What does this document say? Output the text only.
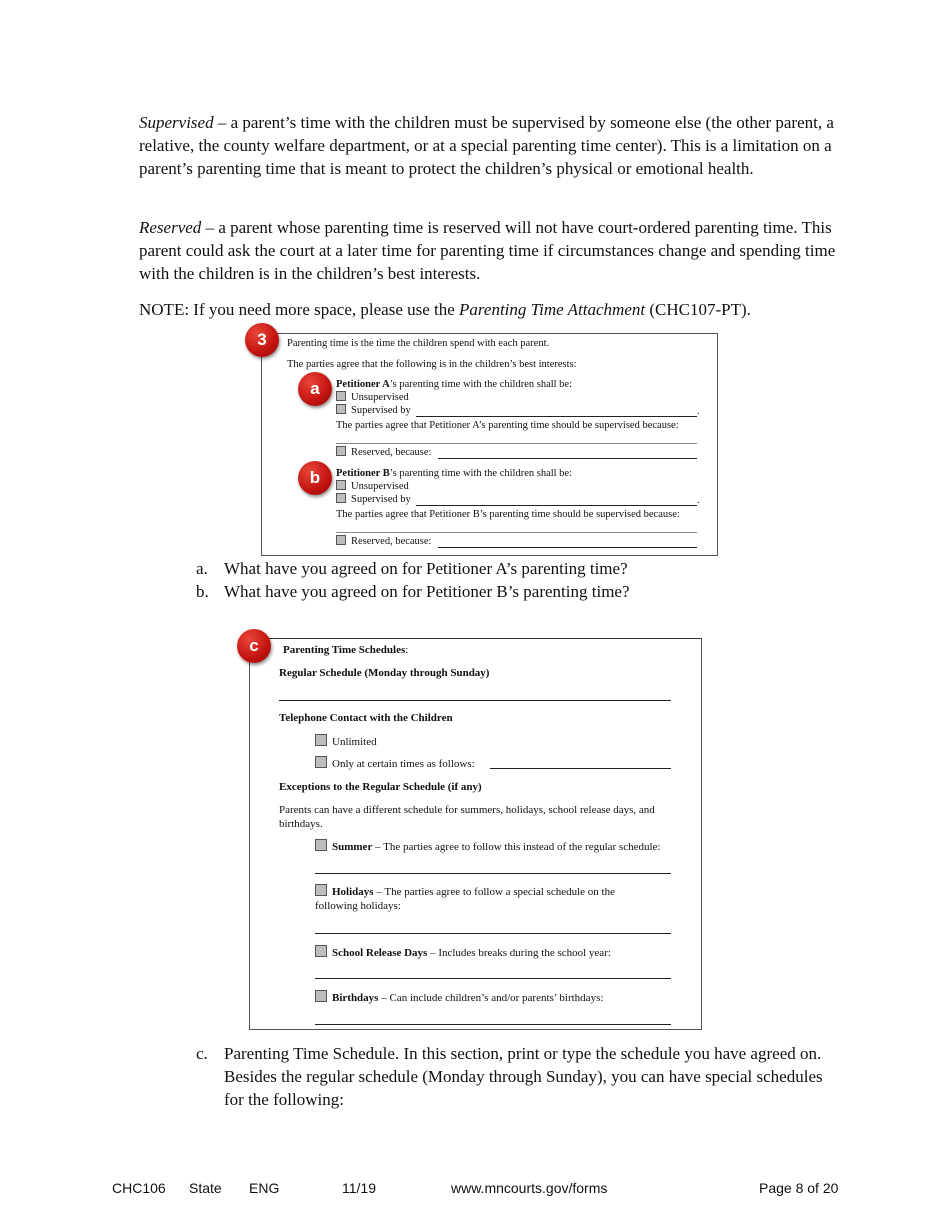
Supervised – a parent’s time with the children must be supervised by someone else (the other parent, a relative, the county welfare department, or at a special parenting time center). This is a limitation on a parent’s parenting time that is meant to protect the children’s physical or emotional health.
Reserved – a parent whose parenting time is reserved will not have court-ordered parenting time. This parent could ask the court at a later time for parenting time if circumstances change and spending time with the children is in the children’s best interests.
NOTE: If you need more space, please use the Parenting Time Attachment (CHC107-PT).
3	Parenting time is the time the children spend with each parent.
The parties agree that the following is in the children’s best interests:
a	Petitioner A’s parenting time with the children shall be:
Unsupervised
Supervised by	.
The parties agree that Petitioner A’s parenting time should be supervised because:
Reserved, because:
b	Petitioner B’s parenting time with the children shall be:
Unsupervised
Supervised by	.
The parties agree that Petitioner B’s parenting time should be supervised because:
Reserved, because:
a. What have you agreed on for Petitioner A’s parenting time?
b. What have you agreed on for Petitioner B’s parenting time?
c	Parenting Time Schedules:
Regular Schedule (Monday through Sunday)
Telephone Contact with the Children
Unlimited
Only at certain times as follows:
Exceptions to the Regular Schedule (if any)
Parents can have a different schedule for summers, holidays, school release days, and birthdays.
Summer – The parties agree to follow this instead of the regular schedule:
Holidays – The parties agree to follow a special schedule on the following holidays:
School Release Days – Includes breaks during the school year:
Birthdays – Can include children’s and/or parents’ birthdays:
c. Parenting Time Schedule. In this section, print or type the schedule you have agreed on. Besides the regular schedule (Monday through Sunday), you can have special schedules for the following:
CHC106 State ENG	11/19	www.mncourts.gov/forms	Page 8 of 20
